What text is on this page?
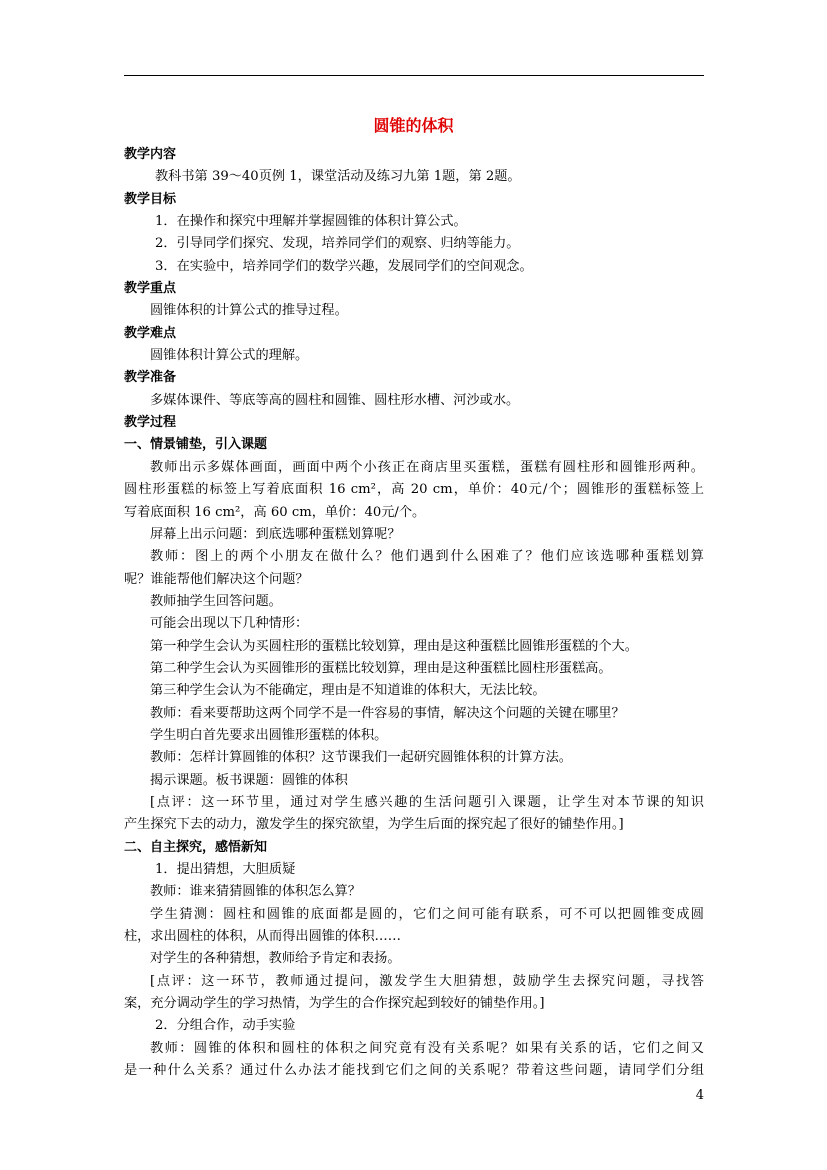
圆锥的体积
教学内容
教科书第 39～40页例 1，课堂活动及练习九第 1题，第 2题。
教学目标
1．在操作和探究中理解并掌握圆锥的体积计算公式。
2．引导同学们探究、发现，培养同学们的观察、归纳等能力。
3．在实验中，培养同学们的数学兴趣，发展同学们的空间观念。
教学重点
圆锥体积的计算公式的推导过程。
教学难点
圆锥体积计算公式的理解。
教学准备
多媒体课件、等底等高的圆柱和圆锥、圆柱形水槽、河沙或水。
教学过程
一、情景铺垫，引入课题
教师出示多媒体画面，画面中两个小孩正在商店里买蛋糕，蛋糕有圆柱形和圆锥形两种。
圆柱形蛋糕的标签上写着底面积 16 cm²，高 20 cm，单价：40元/个；圆锥形的蛋糕标签上
写着底面积 16 cm²，高 60 cm，单价：40元/个。
屏幕上出示问题：到底选哪种蛋糕划算呢？
教师：图上的两个小朋友在做什么？他们遇到什么困难了？他们应该选哪种蛋糕划算
呢？谁能帮他们解决这个问题？
教师抽学生回答问题。
可能会出现以下几种情形：
第一种学生会认为买圆柱形的蛋糕比较划算，理由是这种蛋糕比圆锥形蛋糕的个大。
第二种学生会认为买圆锥形的蛋糕比较划算，理由是这种蛋糕比圆柱形蛋糕高。
第三种学生会认为不能确定，理由是不知道谁的体积大，无法比较。
教师：看来要帮助这两个同学不是一件容易的事情，解决这个问题的关键在哪里？
学生明白首先要求出圆锥形蛋糕的体积。
教师：怎样计算圆锥的体积？这节课我们一起研究圆锥体积的计算方法。
揭示课题。板书课题：圆锥的体积
[点评：这一环节里，通过对学生感兴趣的生活问题引入课题，让学生对本节课的知识
产生探究下去的动力，激发学生的探究欲望，为学生后面的探究起了很好的铺垫作用。]
二、自主探究，感悟新知
1．提出猜想，大胆质疑
教师：谁来猜猜圆锥的体积怎么算？
学生猜测：圆柱和圆锥的底面都是圆的，它们之间可能有联系，可不可以把圆锥变成圆
柱，求出圆柱的体积，从而得出圆锥的体积……
对学生的各种猜想，教师给予肯定和表扬。
[点评：这一环节，教师通过提问，激发学生大胆猜想，鼓励学生去探究问题，寻找答
案，充分调动学生的学习热情，为学生的合作探究起到较好的铺垫作用。]
2．分组合作，动手实验
教师：圆锥的体积和圆柱的体积之间究竟有没有关系呢？如果有关系的话，它们之间又
是一种什么关系？通过什么办法才能找到它们之间的关系呢？带着这些问题，请同学们分组
4
